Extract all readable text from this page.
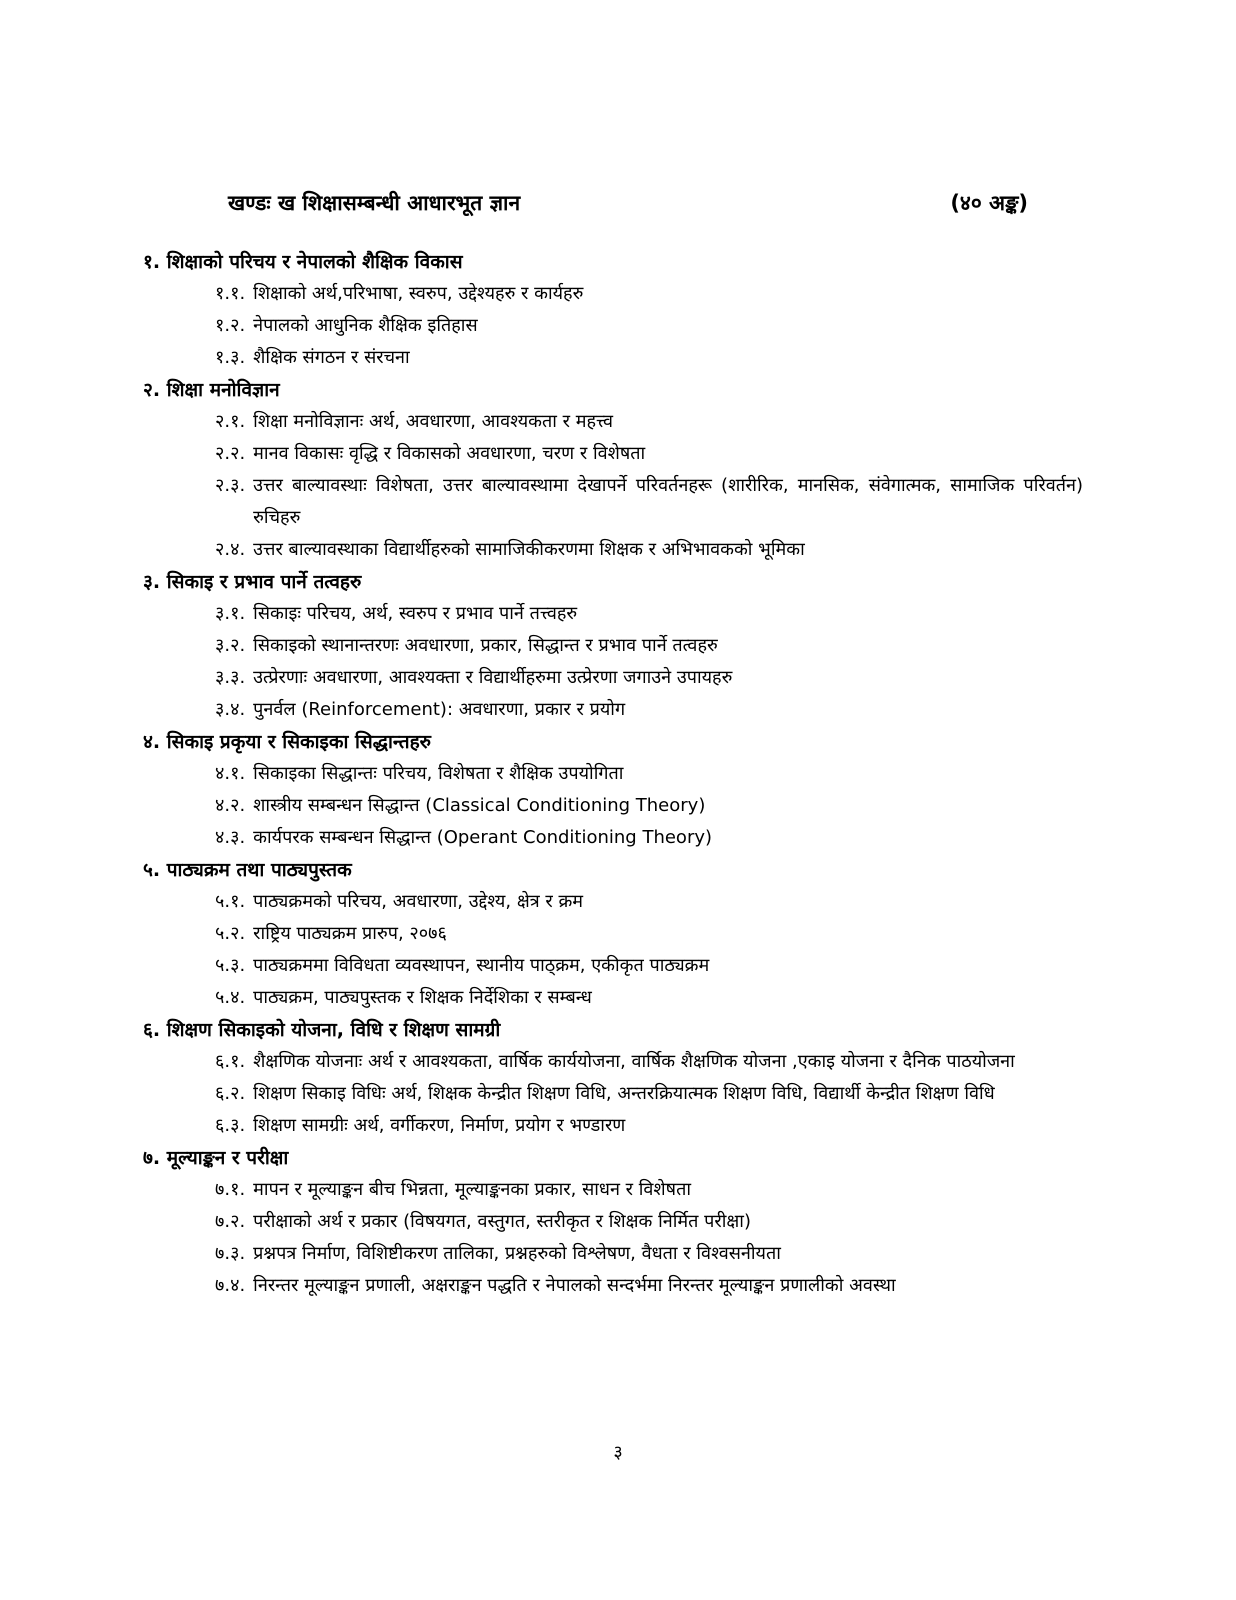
खण्डः ख शिक्षासम्बन्धी आधारभूत ज्ञान	(४० अङ्क)
१. शिक्षाको परिचय र नेपालको शैक्षिक विकास
१.१. शिक्षाको अर्थ,परिभाषा, स्वरुप, उद्देश्यहरु र कार्यहरु
१.२. नेपालको आधुनिक शैक्षिक इतिहास
१.३. शैक्षिक संगठन र संरचना
२. शिक्षा मनोविज्ञान
२.१. शिक्षा मनोविज्ञानः अर्थ, अवधारणा, आवश्यकता र महत्त्व
२.२. मानव विकासः वृद्धि र विकासको अवधारणा, चरण र विशेषता
२.३. उत्तर बाल्यावस्थाः विशेषता, उत्तर बाल्यावस्थामा देखापर्ने परिवर्तनहरू (शारीरिक, मानसिक, संवेगात्मक, सामाजिक परिवर्तन) रुचिहरु
२.४. उत्तर बाल्यावस्थाका विद्यार्थीहरुको सामाजिकीकरणमा शिक्षक र अभिभावकको भूमिका
३. सिकाइ र प्रभाव पार्ने तत्वहरु
३.१. सिकाइः परिचय, अर्थ, स्वरुप र प्रभाव पार्ने तत्त्वहरु
३.२. सिकाइको स्थानान्तरणः अवधारणा, प्रकार, सिद्धान्त र प्रभाव पार्ने तत्वहरु
३.३. उत्प्रेरणाः अवधारणा, आवश्यक्ता र विद्यार्थीहरुमा उत्प्रेरणा जगाउने उपायहरु
३.४. पुनर्वल (Reinforcement): अवधारणा, प्रकार र प्रयोग
४. सिकाइ प्रकृया र सिकाइका सिद्धान्तहरु
४.१. सिकाइका सिद्धान्तः परिचय, विशेषता र शैक्षिक उपयोगिता
४.२. शास्त्रीय सम्बन्धन सिद्धान्त (Classical Conditioning Theory)
४.३. कार्यपरक सम्बन्धन सिद्धान्त (Operant Conditioning Theory)
५. पाठ्यक्रम तथा पाठ्यपुस्तक
५.१. पाठ्यक्रमको परिचय, अवधारणा, उद्देश्य, क्षेत्र र क्रम
५.२. राष्ट्रिय पाठ्यक्रम प्रारुप, २०७६
५.३. पाठ्यक्रममा विविधता व्यवस्थापन, स्थानीय पाठ्क्रम, एकीकृत पाठ्यक्रम
५.४. पाठ्यक्रम, पाठ्यपुस्तक र शिक्षक निर्देशिका र सम्बन्ध
६. शिक्षण सिकाइको योजना, विधि र शिक्षण सामग्री
६.१. शैक्षणिक योजनाः अर्थ र आवश्यकता, वार्षिक कार्ययोजना, वार्षिक शैक्षणिक योजना ,एकाइ योजना र दैनिक पाठयोजना
६.२. शिक्षण सिकाइ विधिः अर्थ, शिक्षक केन्द्रीत शिक्षण विधि, अन्तरक्रियात्मक शिक्षण विधि, विद्यार्थी केन्द्रीत शिक्षण विधि
६.३. शिक्षण सामग्रीः अर्थ, वर्गीकरण, निर्माण, प्रयोग र भण्डारण
७. मूल्याङ्कन र परीक्षा
७.१. मापन र मूल्याङ्कन बीच भिन्नता, मूल्याङ्कनका प्रकार, साधन र विशेषता
७.२. परीक्षाको अर्थ र प्रकार (विषयगत, वस्तुगत, स्तरीकृत र शिक्षक निर्मित परीक्षा)
७.३. प्रश्नपत्र निर्माण, विशिष्टीकरण तालिका, प्रश्नहरुको विश्लेषण, वैधता र विश्वसनीयता
७.४. निरन्तर मूल्याङ्कन प्रणाली, अक्षराङ्कन पद्धति र नेपालको सन्दर्भमा निरन्तर मूल्याङ्कन प्रणालीको अवस्था
३
